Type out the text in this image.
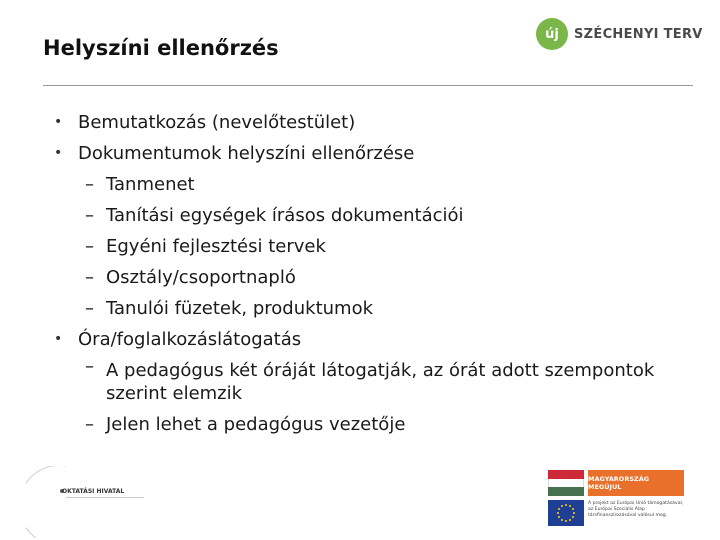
Helyszíni ellenőrzés
új	SZÉCHENYI TERV
• Bemutatkozás (nevelőtestület)
• Dokumentumok helyszíni ellenőrzése
– Tanmenet
– Tanítási egységek írásos dokumentációi
– Egyéni fejlesztési tervek
– Osztály/csoportnapló
– Tanulói füzetek, produktumok
• Óra/foglalkozáslátogatás
– A pedagógus két óráját látogatják, az órát adott szempontok szerint elemzik
– Jelen lehet a pedagógus vezetője
OKTATÁSI HIVATAL
MAGYARORSZÁG MEGÚJUL
A projekt az Európai Unió támogatásával, az Európai Szociális Alap társfinanszírozásával valósul meg.
